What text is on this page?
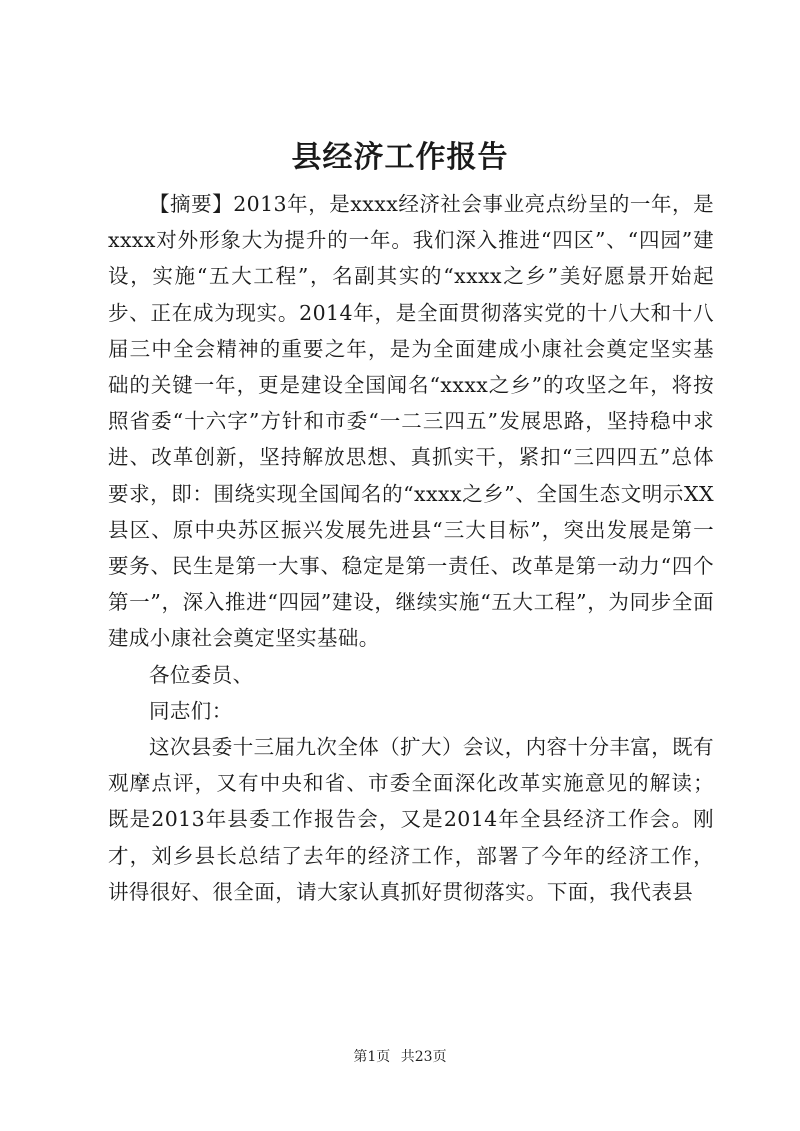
县经济工作报告

【摘要】2013年，是xxxx经济社会事业亮点纷呈的一年，是xxxx对外形象大为提升的一年。我们深入推进“四区”、“四园”建设，实施“五大工程”，名副其实的“xxxx之乡”美好愿景开始起步、正在成为现实。2014年，是全面贯彻落实党的十八大和十八届三中全会精神的重要之年，是为全面建成小康社会奠定坚实基础的关键一年，更是建设全国闻名“xxxx之乡”的攻坚之年，将按照省委“十六字”方针和市委“一二三四五”发展思路，坚持稳中求进、改革创新，坚持解放思想、真抓实干，紧扣“三四四五”总体要求，即：围绕实现全国闻名的“xxxx之乡”、全国生态文明示XX县区、原中央苏区振兴发展先进县“三大目标”，突出发展是第一要务、民生是第一大事、稳定是第一责任、改革是第一动力“四个第一”，深入推进“四园”建设，继续实施“五大工程”，为同步全面建成小康社会奠定坚实基础。

各位委员、

同志们：

这次县委十三届九次全体（扩大）会议，内容十分丰富，既有观摩点评，又有中央和省、市委全面深化改革实施意见的解读；既是2013年县委工作报告会，又是2014年全县经济工作会。刚才，刘乡县长总结了去年的经济工作，部署了今年的经济工作，讲得很好、很全面，请大家认真抓好贯彻落实。下面，我代表县

第1页 共23页
